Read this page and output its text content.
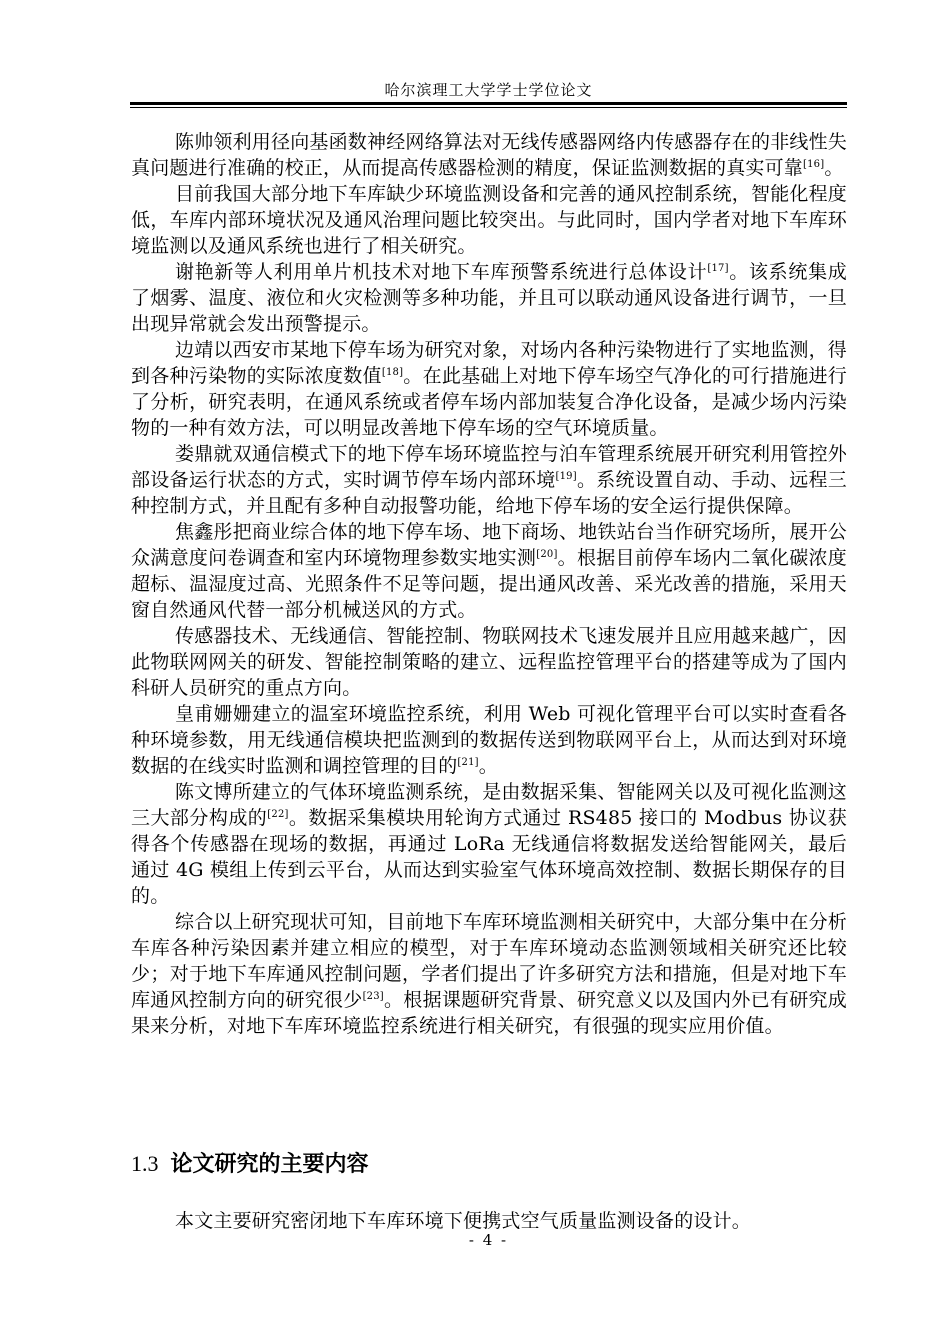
哈尔滨理工大学学士学位论文

陈帅领利用径向基函数神经网络算法对无线传感器网络内传感器存在的非线性失真问题进行准确的校正，从而提高传感器检测的精度，保证监测数据的真实可靠[16]。

目前我国大部分地下车库缺少环境监测设备和完善的通风控制系统，智能化程度低，车库内部环境状况及通风治理问题比较突出。与此同时，国内学者对地下车库环境监测以及通风系统也进行了相关研究。

谢艳新等人利用单片机技术对地下车库预警系统进行总体设计[17]。该系统集成了烟雾、温度、液位和火灾检测等多种功能，并且可以联动通风设备进行调节，一旦出现异常就会发出预警提示。

边靖以西安市某地下停车场为研究对象，对场内各种污染物进行了实地监测，得到各种污染物的实际浓度数值[18]。在此基础上对地下停车场空气净化的可行措施进行了分析，研究表明，在通风系统或者停车场内部加装复合净化设备，是减少场内污染物的一种有效方法，可以明显改善地下停车场的空气环境质量。

娄鼎就双通信模式下的地下停车场环境监控与泊车管理系统展开研究利用管控外部设备运行状态的方式，实时调节停车场内部环境[19]。系统设置自动、手动、远程三种控制方式，并且配有多种自动报警功能，给地下停车场的安全运行提供保障。

焦鑫彤把商业综合体的地下停车场、地下商场、地铁站台当作研究场所，展开公众满意度问卷调查和室内环境物理参数实地实测[20]。根据目前停车场内二氧化碳浓度超标、温湿度过高、光照条件不足等问题，提出通风改善、采光改善的措施，采用天窗自然通风代替一部分机械送风的方式。

传感器技术、无线通信、智能控制、物联网技术飞速发展并且应用越来越广，因此物联网网关的研发、智能控制策略的建立、远程监控管理平台的搭建等成为了国内科研人员研究的重点方向。

皇甫姗姗建立的温室环境监控系统，利用 Web 可视化管理平台可以实时查看各种环境参数，用无线通信模块把监测到的数据传送到物联网平台上，从而达到对环境数据的在线实时监测和调控管理的目的[21]。

陈文博所建立的气体环境监测系统，是由数据采集、智能网关以及可视化监测这三大部分构成的[22]。数据采集模块用轮询方式通过 RS485 接口的 Modbus 协议获得各个传感器在现场的数据，再通过 LoRa 无线通信将数据发送给智能网关，最后通过 4G 模组上传到云平台，从而达到实验室气体环境高效控制、数据长期保存的目的。

综合以上研究现状可知，目前地下车库环境监测相关研究中，大部分集中在分析车库各种污染因素并建立相应的模型，对于车库环境动态监测领域相关研究还比较少；对于地下车库通风控制问题，学者们提出了许多研究方法和措施，但是对地下车库通风控制方向的研究很少[23]。根据课题研究背景、研究意义以及国内外已有研究成果来分析，对地下车库环境监控系统进行相关研究，有很强的现实应用价值。

1.3 论文研究的主要内容

本文主要研究密闭地下车库环境下便携式空气质量监测设备的设计。

- 4 -
